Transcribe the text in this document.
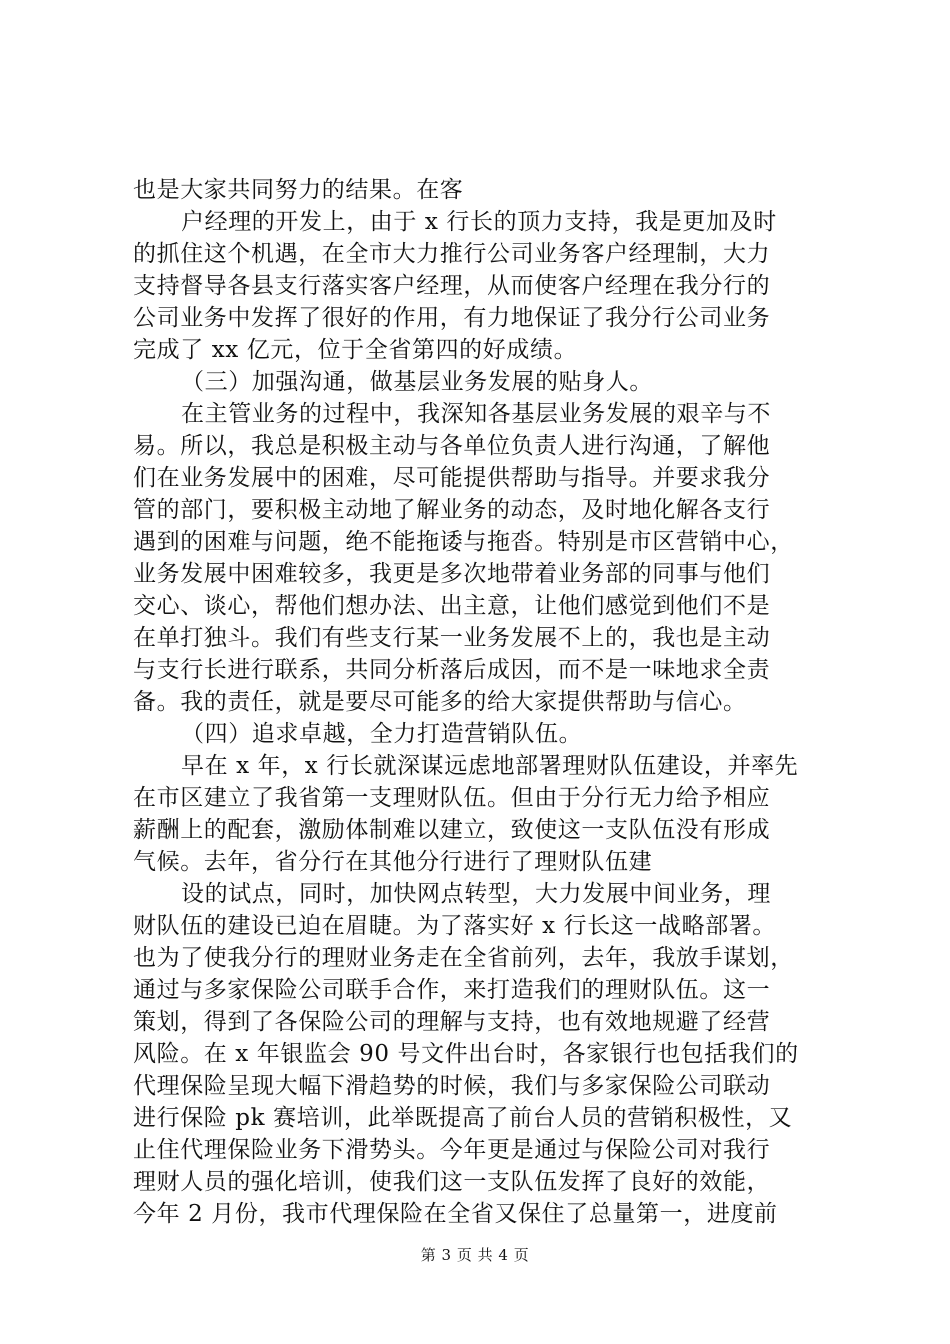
也是大家共同努力的结果。在客
户经理的开发上，由于 x 行长的顶力支持，我是更加及时
的抓住这个机遇，在全市大力推行公司业务客户经理制，大力
支持督导各县支行落实客户经理，从而使客户经理在我分行的
公司业务中发挥了很好的作用，有力地保证了我分行公司业务
完成了 xx 亿元，位于全省第四的好成绩。
（三）加强沟通，做基层业务发展的贴身人。
在主管业务的过程中，我深知各基层业务发展的艰辛与不
易。所以，我总是积极主动与各单位负责人进行沟通，了解他
们在业务发展中的困难，尽可能提供帮助与指导。并要求我分
管的部门，要积极主动地了解业务的动态，及时地化解各支行
遇到的困难与问题，绝不能拖诿与拖沓。特别是市区营销中心，
业务发展中困难较多，我更是多次地带着业务部的同事与他们
交心、谈心，帮他们想办法、出主意，让他们感觉到他们不是
在单打独斗。我们有些支行某一业务发展不上的，我也是主动
与支行长进行联系，共同分析落后成因，而不是一味地求全责
备。我的责任，就是要尽可能多的给大家提供帮助与信心。
（四）追求卓越，全力打造营销队伍。
早在 x 年，x 行长就深谋远虑地部署理财队伍建设，并率先
在市区建立了我省第一支理财队伍。但由于分行无力给予相应
薪酬上的配套，激励体制难以建立，致使这一支队伍没有形成
气候。去年，省分行在其他分行进行了理财队伍建
设的试点，同时，加快网点转型，大力发展中间业务，理
财队伍的建设已迫在眉睫。为了落实好 x 行长这一战略部署。
也为了使我分行的理财业务走在全省前列，去年，我放手谋划，
通过与多家保险公司联手合作，来打造我们的理财队伍。这一
策划，得到了各保险公司的理解与支持，也有效地规避了经营
风险。在 x 年银监会 90 号文件出台时，各家银行也包括我们的
代理保险呈现大幅下滑趋势的时候，我们与多家保险公司联动
进行保险 pk 赛培训，此举既提高了前台人员的营销积极性，又
止住代理保险业务下滑势头。今年更是通过与保险公司对我行
理财人员的强化培训，使我们这一支队伍发挥了良好的效能，
今年 2 月份，我市代理保险在全省又保住了总量第一，进度前
第 3 页 共 4 页
